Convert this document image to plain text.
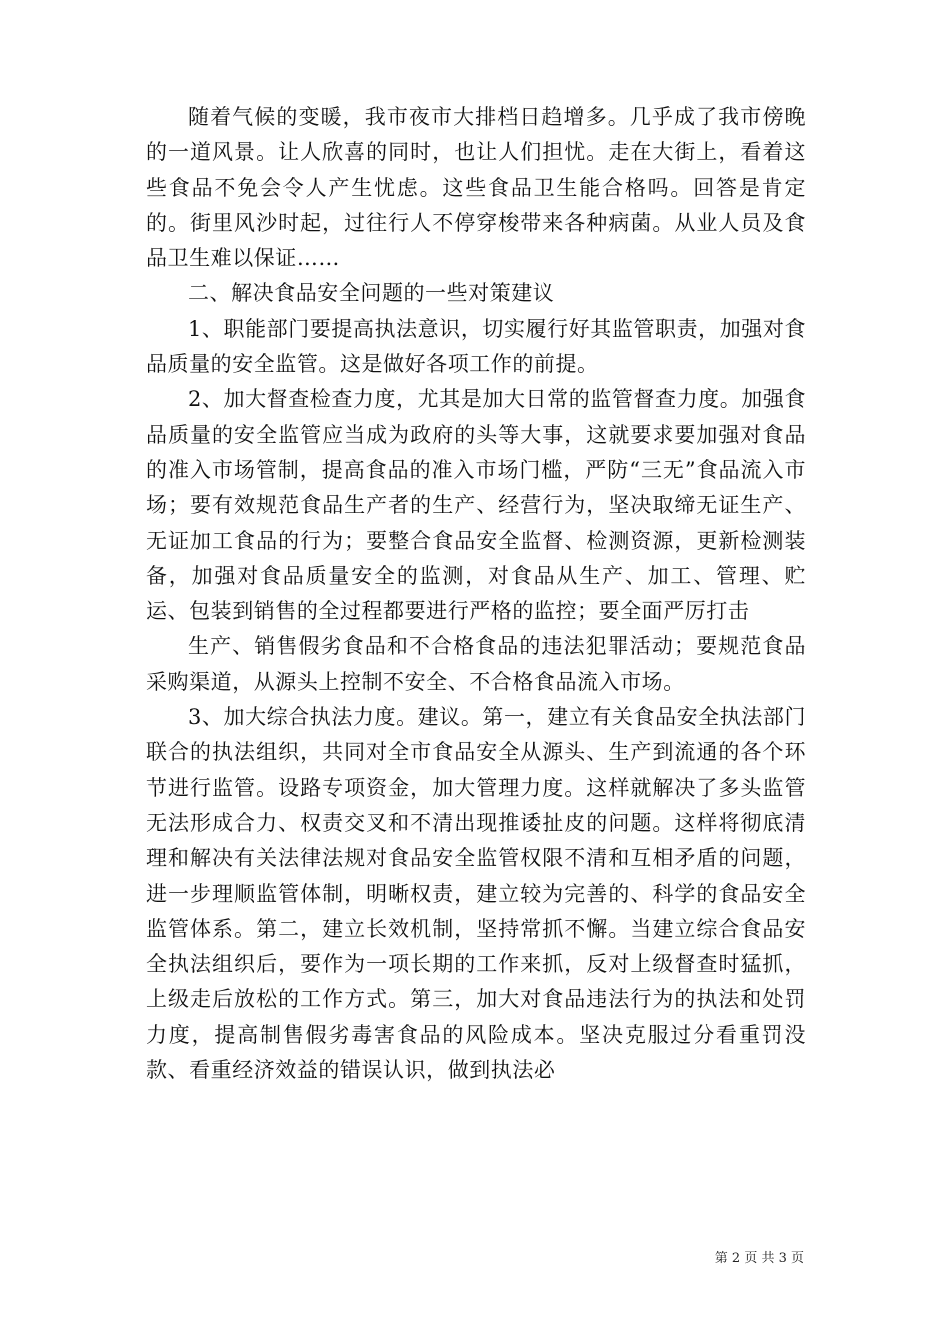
随着气候的变暖，我市夜市大排档日趋增多。几乎成了我市傍晚的一道风景。让人欣喜的同时，也让人们担忧。走在大街上，看着这些食品不免会令人产生忧虑。这些食品卫生能合格吗。回答是肯定的。街里风沙时起，过往行人不停穿梭带来各种病菌。从业人员及食品卫生难以保证……

二、解决食品安全问题的一些对策建议

1、职能部门要提高执法意识，切实履行好其监管职责，加强对食品质量的安全监管。这是做好各项工作的前提。

2、加大督查检查力度，尤其是加大日常的监管督查力度。加强食品质量的安全监管应当成为政府的头等大事，这就要求要加强对食品的准入市场管制，提高食品的准入市场门槛，严防“三无”食品流入市场；要有效规范食品生产者的生产、经营行为，坚决取缔无证生产、无证加工食品的行为；要整合食品安全监督、检测资源，更新检测装备，加强对食品质量安全的监测，对食品从生产、加工、管理、贮运、包装到销售的全过程都要进行严格的监控；要全面严厉打击

生产、销售假劣食品和不合格食品的违法犯罪活动；要规范食品采购渠道，从源头上控制不安全、不合格食品流入市场。

3、加大综合执法力度。建议。第一，建立有关食品安全执法部门联合的执法组织，共同对全市食品安全从源头、生产到流通的各个环节进行监管。设路专项资金，加大管理力度。这样就解决了多头监管无法形成合力、权责交叉和不清出现推诿扯皮的问题。这样将彻底清理和解决有关法律法规对食品安全监管权限不清和互相矛盾的问题，进一步理顺监管体制，明晰权责，建立较为完善的、科学的食品安全监管体系。第二，建立长效机制，坚持常抓不懈。当建立综合食品安全执法组织后，要作为一项长期的工作来抓，反对上级督查时猛抓，上级走后放松的工作方式。第三，加大对食品违法行为的执法和处罚力度，提高制售假劣毒害食品的风险成本。坚决克服过分看重罚没款、看重经济效益的错误认识，做到执法必

第 2 页 共 3 页
